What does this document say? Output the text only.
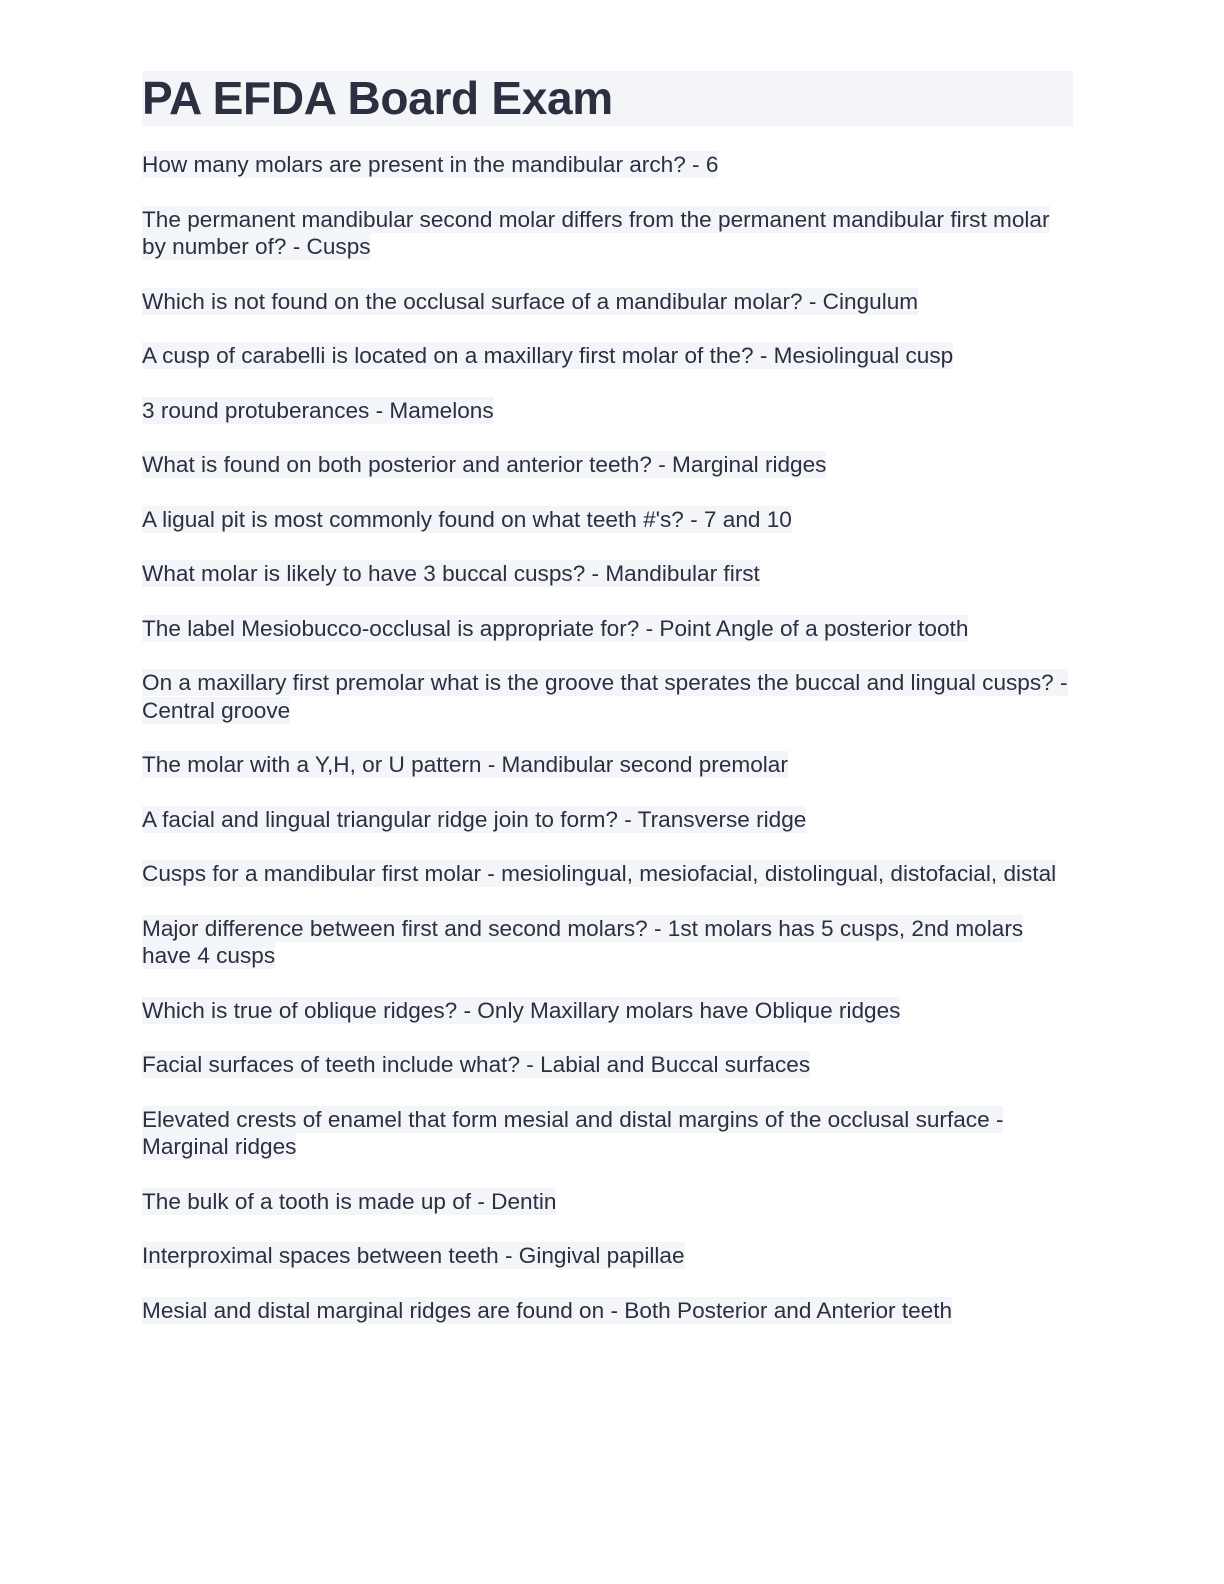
PA EFDA Board Exam
How many molars are present in the mandibular arch? - 6
The permanent mandibular second molar differs from the permanent mandibular first molar by number of? - Cusps
Which is not found on the occlusal surface of a mandibular molar? - Cingulum
A cusp of carabelli is located on a maxillary first molar of the? - Mesiolingual cusp
3 round protuberances - Mamelons
What is found on both posterior and anterior teeth? - Marginal ridges
A ligual pit is most commonly found on what teeth #'s? - 7 and 10
What molar is likely to have 3 buccal cusps? - Mandibular first
The label Mesiobucco-occlusal is appropriate for? - Point Angle of a posterior tooth
On a maxillary first premolar what is the groove that sperates the buccal and lingual cusps? - Central groove
The molar with a Y,H, or U pattern - Mandibular second premolar
A facial and lingual triangular ridge join to form? - Transverse ridge
Cusps for a mandibular first molar - mesiolingual, mesiofacial, distolingual, distofacial, distal
Major difference between first and second molars? - 1st molars has 5 cusps, 2nd molars have 4 cusps
Which is true of oblique ridges? - Only Maxillary molars have Oblique ridges
Facial surfaces of teeth include what? - Labial and Buccal surfaces
Elevated crests of enamel that form mesial and distal margins of the occlusal surface - Marginal ridges
The bulk of a tooth is made up of - Dentin
Interproximal spaces between teeth - Gingival papillae
Mesial and distal marginal ridges are found on - Both Posterior and Anterior teeth
